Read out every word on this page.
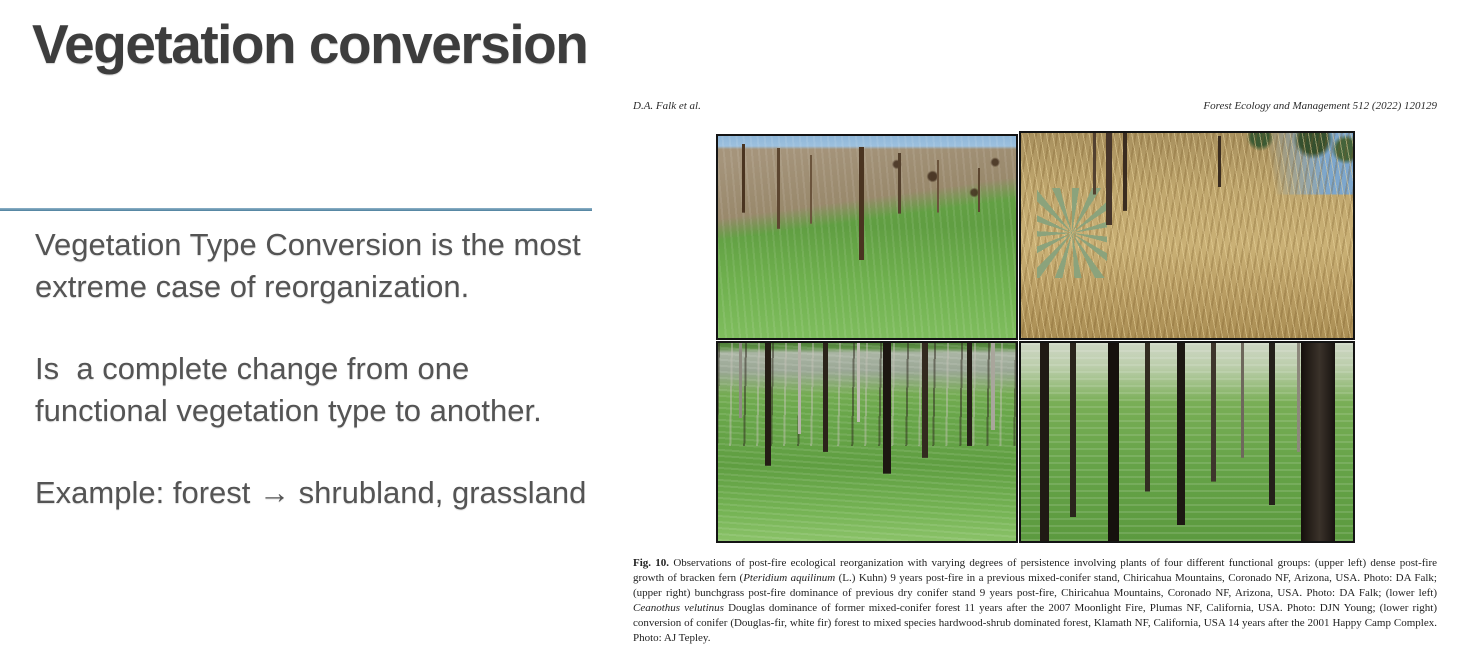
Vegetation conversion

Vegetation Type Conversion is the most extreme case of reorganization.

Is  a complete change from one functional vegetation type to another.

Example: forest → shrubland, grassland

D.A. Falk et al.	Forest Ecology and Management 512 (2022) 120129
Fig. 10. Observations of post-fire ecological reorganization with varying degrees of persistence involving plants of four different functional groups: (upper left) dense post-fire growth of bracken fern (Pteridium aquilinum (L.) Kuhn) 9 years post-fire in a previous mixed-conifer stand, Chiricahua Mountains, Coronado NF, Arizona, USA. Photo: DA Falk; (upper right) bunchgrass post-fire dominance of previous dry conifer stand 9 years post-fire, Chiricahua Mountains, Coronado NF, Arizona, USA. Photo: DA Falk; (lower left) Ceanothus velutinus Douglas dominance of former mixed-conifer forest 11 years after the 2007 Moonlight Fire, Plumas NF, California, USA. Photo: DJN Young; (lower right) conversion of conifer (Douglas-fir, white fir) forest to mixed species hardwood-shrub dominated forest, Klamath NF, California, USA 14 years after the 2001 Happy Camp Complex. Photo: AJ Tepley.
